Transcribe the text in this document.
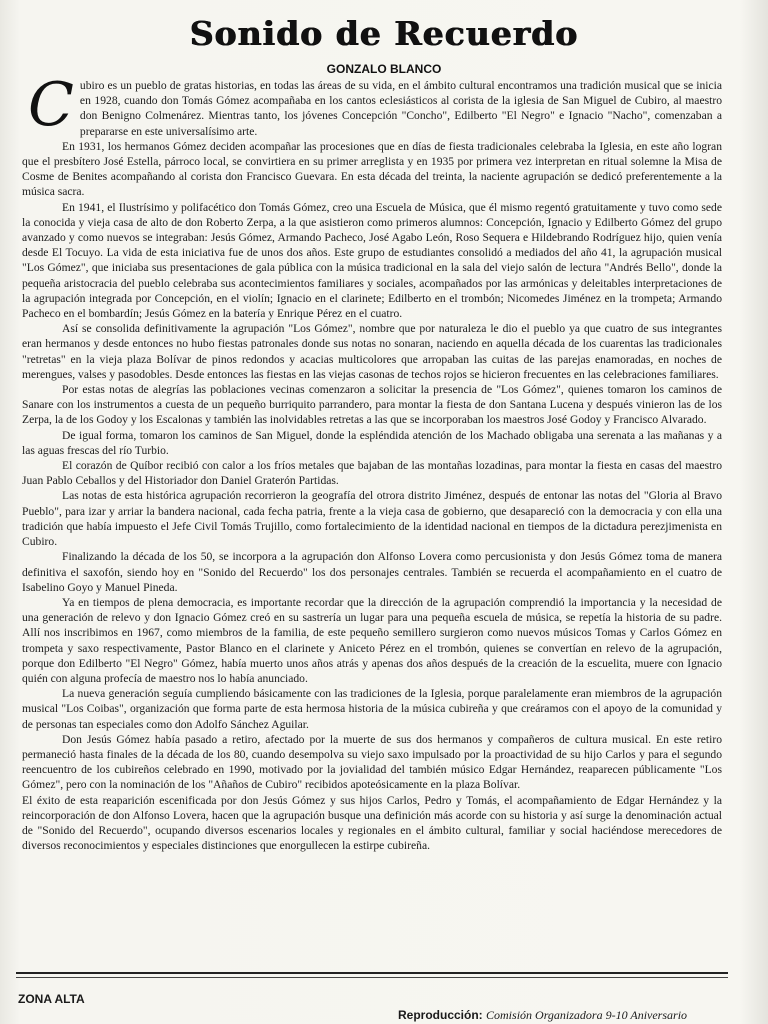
Sonido de Recuerdo
GONZALO BLANCO

Cubiro es un pueblo de gratas historias, en todas las áreas de su vida, en el ámbito cultural encontramos una tradición musical que se inicia en 1928, cuando don Tomás Gómez acompañaba en los cantos eclesiásticos al corista de la iglesia de San Miguel de Cubiro, al maestro don Benigno Colmenárez. Mientras tanto, los jóvenes Concepción "Concho", Edilberto "El Negro" e Ignacio "Nacho", comenzaban a prepararse en este universalísimo arte.

En 1931, los hermanos Gómez deciden acompañar las procesiones que en días de fiesta tradicionales celebraba la Iglesia, en este año logran que el presbítero José Estella, párroco local, se convirtiera en su primer arreglista y en 1935 por primera vez interpretan en ritual solemne la Misa de Cosme de Benites acompañando al corista don Francisco Guevara. En esta década del treinta, la naciente agrupación se dedicó preferentemente a la música sacra.

En 1941, el Ilustrísimo y polifacético don Tomás Gómez, creo una Escuela de Música, que él mismo regentó gratuitamente y tuvo como sede la conocida y vieja casa de alto de don Roberto Zerpa, a la que asistieron como primeros alumnos: Concepción, Ignacio y Edilberto Gómez del grupo avanzado y como nuevos se integraban: Jesús Gómez, Armando Pacheco, José Agabo León, Roso Sequera e Hildebrando Rodríguez hijo, quien venía desde El Tocuyo. La vida de esta iniciativa fue de unos dos años. Este grupo de estudiantes consolidó a mediados del año 41, la agrupación musical "Los Gómez", que iniciaba sus presentaciones de gala pública con la música tradicional en la sala del viejo salón de lectura "Andrés Bello", donde la pequeña aristocracia del pueblo celebraba sus acontecimientos familiares y sociales, acompañados por las armónicas y deleitables interpretaciones de la agrupación integrada por Concepción, en el violín; Ignacio en el clarinete; Edilberto en el trombón; Nicomedes Jiménez en la trompeta; Armando Pacheco en el bombardín; Jesús Gómez en la batería y Enrique Pérez en el cuatro.

Así se consolida definitivamente la agrupación "Los Gómez", nombre que por naturaleza le dio el pueblo ya que cuatro de sus integrantes eran hermanos y desde entonces no hubo fiestas patronales donde sus notas no sonaran, naciendo en aquella década de los cuarentas las tradicionales "retretas" en la vieja plaza Bolívar de pinos redondos y acacias multicolores que arropaban las cuitas de las parejas enamoradas, en noches de merengues, valses y pasodobles. Desde entonces las fiestas en las viejas casonas de techos rojos se hicieron frecuentes en las celebraciones familiares.

Por estas notas de alegrías las poblaciones vecinas comenzaron a solicitar la presencia de "Los Gómez", quienes tomaron los caminos de Sanare con los instrumentos a cuesta de un pequeño burriquito parrandero, para montar la fiesta de don Santana Lucena y después vinieron las de los Zerpa, la de los Godoy y los Escalonas y también las inolvidables retretas a las que se incorporaban los maestros José Godoy y Francisco Alvarado.

De igual forma, tomaron los caminos de San Miguel, donde la espléndida atención de los Machado obligaba una serenata a las mañanas y a las aguas frescas del río Turbio.

El corazón de Quíbor recibió con calor a los fríos metales que bajaban de las montañas lozadinas, para montar la fiesta en casas del maestro Juan Pablo Ceballos y del Historiador don Daniel Graterón Partidas.

Las notas de esta histórica agrupación recorrieron la geografía del otrora distrito Jiménez, después de entonar las notas del "Gloria al Bravo Pueblo", para izar y arriar la bandera nacional, cada fecha patria, frente a la vieja casa de gobierno, que desapareció con la democracia y con ella una tradición que había impuesto el Jefe Civil Tomás Trujillo, como fortalecimiento de la identidad nacional en tiempos de la dictadura perezjimenista en Cubiro.

Finalizando la década de los 50, se incorpora a la agrupación don Alfonso Lovera como percusionista y don Jesús Gómez toma de manera definitiva el saxofón, siendo hoy en "Sonido del Recuerdo" los dos personajes centrales. También se recuerda el acompañamiento en el cuatro de Isabelino Goyo y Manuel Pineda.

Ya en tiempos de plena democracia, es importante recordar que la dirección de la agrupación comprendió la importancia y la necesidad de una generación de relevo y don Ignacio Gómez creó en su sastrería un lugar para una pequeña escuela de música, se repetía la historia de su padre. Allí nos inscribimos en 1967, como miembros de la familia, de este pequeño semillero surgieron como nuevos músicos Tomas y Carlos Gómez en trompeta y saxo respectivamente, Pastor Blanco en el clarinete y Aniceto Pérez en el trombón, quienes se convertían en relevo de la agrupación, porque don Edilberto "El Negro" Gómez, había muerto unos años atrás y apenas dos años después de la creación de la escuelita, muere con Ignacio quién con alguna profecía de maestro nos lo había anunciado.

La nueva generación seguía cumpliendo básicamente con las tradiciones de la Iglesia, porque paralelamente eran miembros de la agrupación musical "Los Coibas", organización que forma parte de esta hermosa historia de la música cubireña y que creáramos con el apoyo de la comunidad y de personas tan especiales como don Adolfo Sánchez Aguilar.

Don Jesús Gómez había pasado a retiro, afectado por la muerte de sus dos hermanos y compañeros de cultura musical. En este retiro permaneció hasta finales de la década de los 80, cuando desempolva su viejo saxo impulsado por la proactividad de su hijo Carlos y para el segundo reencuentro de los cubireños celebrado en 1990, motivado por la jovialidad del también músico Edgar Hernández, reaparecen públicamente "Los Gómez", pero con la nominación de los "Añaños de Cubiro" recibidos apoteósicamente en la plaza Bolívar.

El éxito de esta reaparición escenificada por don Jesús Gómez y sus hijos Carlos, Pedro y Tomás, el acompañamiento de Edgar Hernández y la reincorporación de don Alfonso Lovera, hacen que la agrupación busque una definición más acorde con su historia y así surge la denominación actual de "Sonido del Recuerdo", ocupando diversos escenarios locales y regionales en el ámbito cultural, familiar y social haciéndose merecedores de diversos reconocimientos y especiales distinciones que enorgullecen la estirpe cubireña.

ZONA ALTA
Reproducción: Comisión Organizadora 9-10 Aniversario
